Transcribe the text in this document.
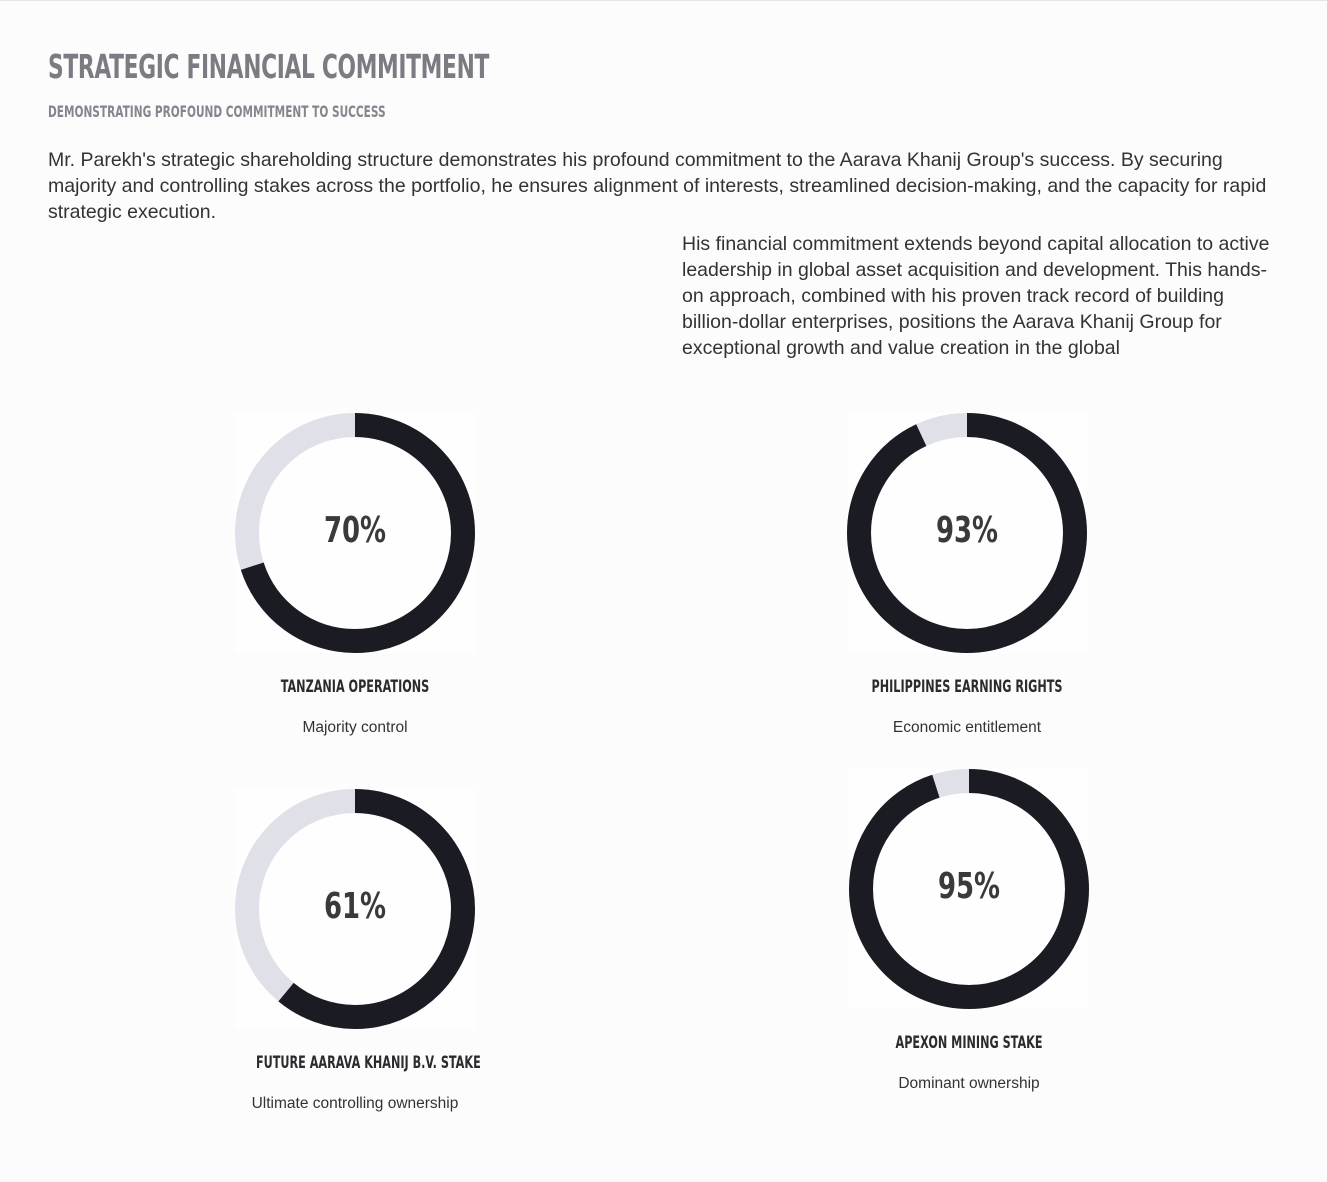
STRATEGIC FINANCIAL COMMITMENT
DEMONSTRATING PROFOUND COMMITMENT TO SUCCESS

Mr. Parekh's strategic shareholding structure demonstrates his profound commitment to the Aarava Khanij Group's success. By securing majority and controlling stakes across the portfolio, he ensures alignment of interests, streamlined decision-making, and the capacity for rapid strategic execution.

His financial commitment extends beyond capital allocation to active leadership in global asset acquisition and development. This hands-on approach, combined with his proven track record of building billion-dollar enterprises, positions the Aarava Khanij Group for exceptional growth and value creation in the global

70%
TANZANIA OPERATIONS
Majority control
93%
PHILIPPINES EARNING RIGHTS
Economic entitlement
61%
FUTURE AARAVA KHANIJ B.V. STAKE
Ultimate controlling ownership
95%
APEXON MINING STAKE
Dominant ownership
